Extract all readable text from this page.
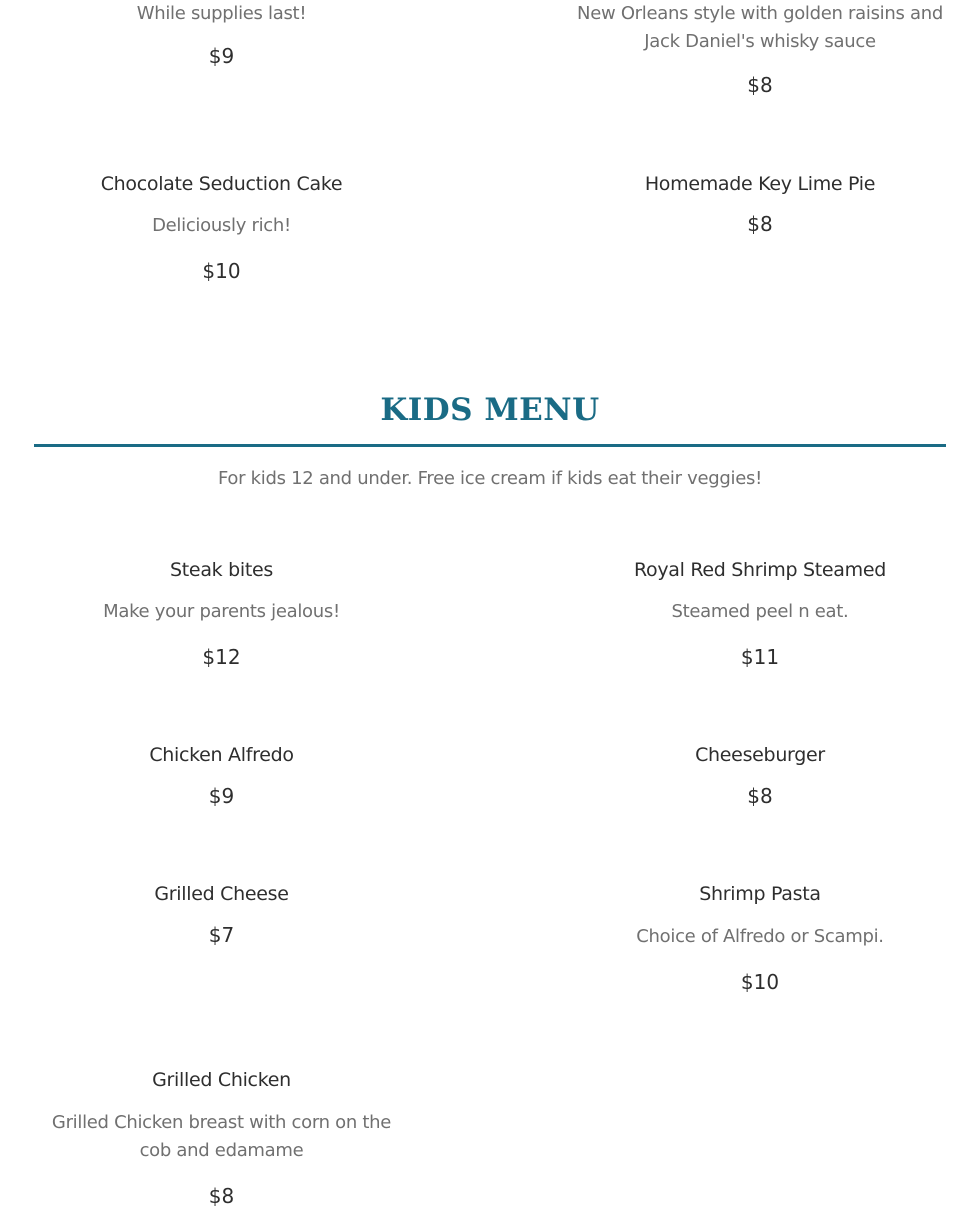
While supplies last!
$9
New Orleans style with golden raisins and Jack Daniel's whisky sauce
$8
Chocolate Seduction Cake
Deliciously rich!
$10
Homemade Key Lime Pie
$8
KIDS MENU
For kids 12 and under. Free ice cream if kids eat their veggies!
Steak bites
Make your parents jealous!
$12
Royal Red Shrimp Steamed
Steamed peel n eat.
$11
Chicken Alfredo
$9
Cheeseburger
$8
Grilled Cheese
$7
Shrimp Pasta
Choice of Alfredo or Scampi.
$10
Grilled Chicken
Grilled Chicken breast with corn on the cob and edamame
$8
